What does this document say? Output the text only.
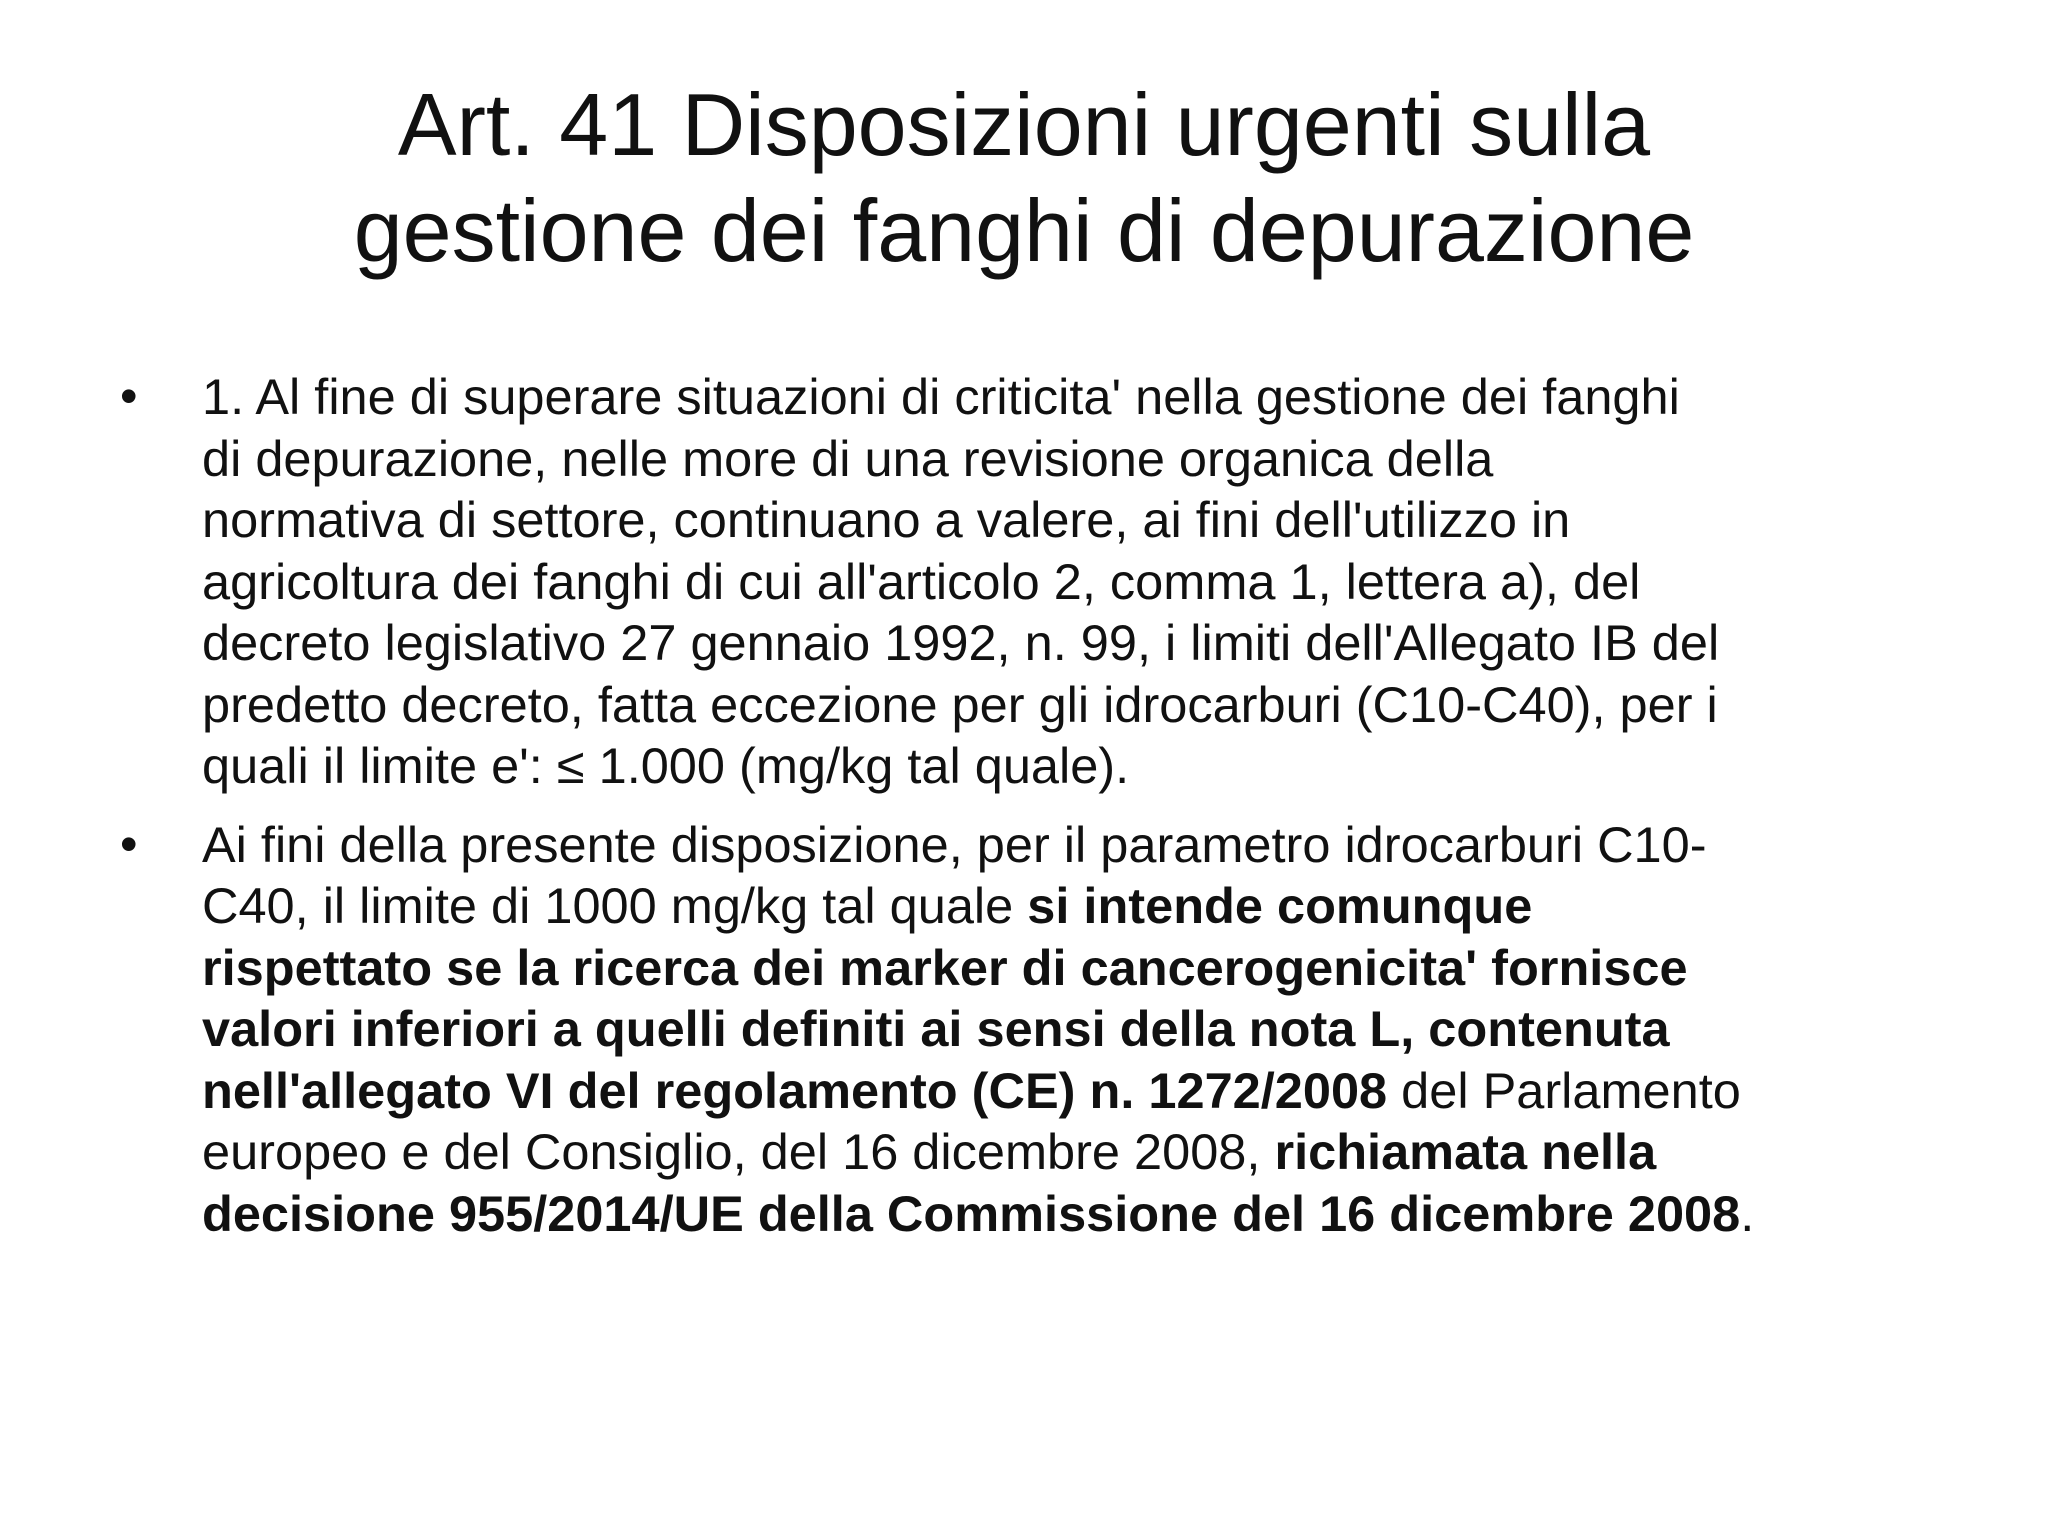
Art. 41 Disposizioni urgenti sulla
gestione dei fanghi di depurazione
•	1. Al fine di superare situazioni di criticita' nella gestione dei fanghi
di depurazione, nelle more di una revisione organica della
normativa di settore, continuano a valere, ai fini dell'utilizzo in
agricoltura dei fanghi di cui all'articolo 2, comma 1, lettera a), del
decreto legislativo 27 gennaio 1992, n. 99, i limiti dell'Allegato IB del
predetto decreto, fatta eccezione per gli idrocarburi (C10-C40), per i
quali il limite e': ≤ 1.000 (mg/kg tal quale).
•	Ai fini della presente disposizione, per il parametro idrocarburi C10-
C40, il limite di 1000 mg/kg tal quale si intende comunque
rispettato se la ricerca dei marker di cancerogenicita' fornisce
valori inferiori a quelli definiti ai sensi della nota L, contenuta
nell'allegato VI del regolamento (CE) n. 1272/2008 del Parlamento
europeo e del Consiglio, del 16 dicembre 2008, richiamata nella
decisione 955/2014/UE della Commissione del 16 dicembre 2008.
